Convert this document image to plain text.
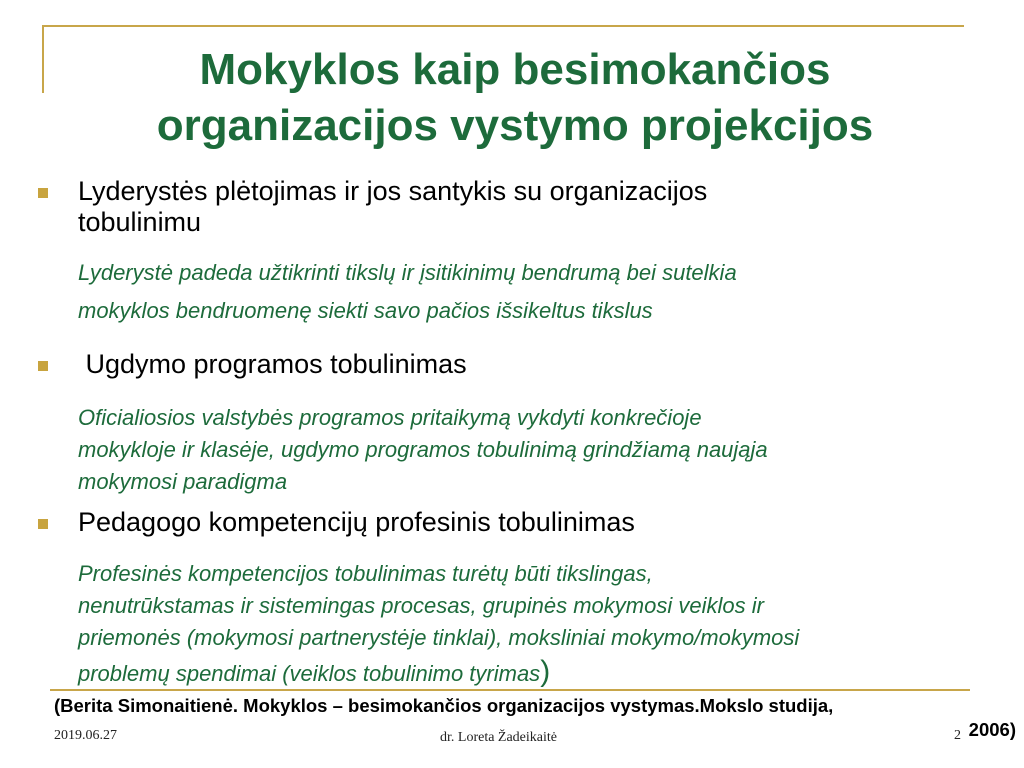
Mokyklos kaip besimokančios
organizacijos vystymo projekcijos
Lyderystės plėtojimas ir jos santykis su organizacijos
tobulinimu
Lyderystė padeda užtikrinti tikslų ir įsitikinimų bendrumą bei sutelkia
mokyklos bendruomenę siekti savo pačios išsikeltus tikslus
Ugdymo programos tobulinimas
Oficialiosios valstybės programos pritaikymą vykdyti konkrečioje
mokykloje ir klasėje, ugdymo programos tobulinimą grindžiamą naująja
mokymosi paradigma
Pedagogo kompetencijų profesinis tobulinimas
Profesinės kompetencijos tobulinimas turėtų būti tikslingas,
nenutrūkstamas ir sistemingas procesas, grupinės mokymosi veiklos ir
priemonės (mokymosi partnerystėje tinklai), moksliniai mokymo/mokymosi
problemų spendimai (veiklos tobulinimo tyrimas)
(Berita Simonaitienė. Mokyklos – besimokančios organizacijos vystymas.Mokslo studija,
2006)
2019.06.27	dr. Loreta Žadeikaitė	2
